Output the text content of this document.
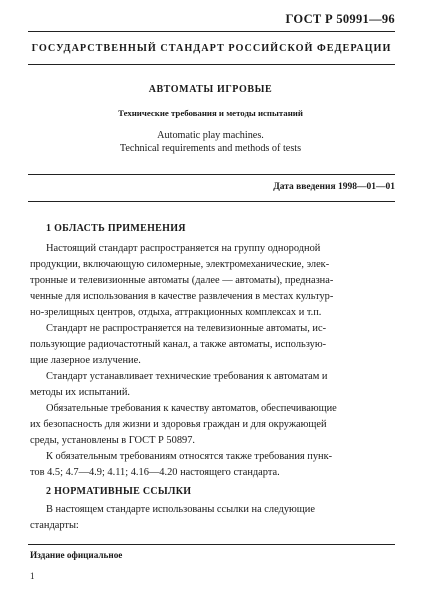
ГОСТ Р 50991—96
ГОСУДАРСТВЕННЫЙ СТАНДАРТ РОССИЙСКОЙ ФЕДЕРАЦИИ
АВТОМАТЫ ИГРОВЫЕ
Технические требования и методы испытаний
Automatic play machines.
Technical requirements and methods of tests
Дата введения 1998—01—01
1 ОБЛАСТЬ ПРИМЕНЕНИЯ
Настоящий стандарт распространяется на группу однородной
продукции, включающую силомерные, электромеханические, элек-
тронные и телевизионные автоматы (далее — автоматы), предназна-
ченные для использования в качестве развлечения в местах культур-
но-зрелищных центров, отдыха, аттракционных комплексах и т.п.
Стандарт не распространяется на телевизионные автоматы, ис-
пользующие радиочастотный канал, а также автоматы, использую-
щие лазерное излучение.
Стандарт устанавливает технические требования к автоматам и
методы их испытаний.
Обязательные требования к качеству автоматов, обеспечивающие
их безопасность для жизни и здоровья граждан и для окружающей
среды, установлены в ГОСТ Р 50897.
К обязательным требованиям относятся также требования пунк-
тов 4.5; 4.7—4.9; 4.11; 4.16—4.20 настоящего стандарта.
2 НОРМАТИВНЫЕ ССЫЛКИ
В настоящем стандарте использованы ссылки на следующие
стандарты:
Издание официальное
1
